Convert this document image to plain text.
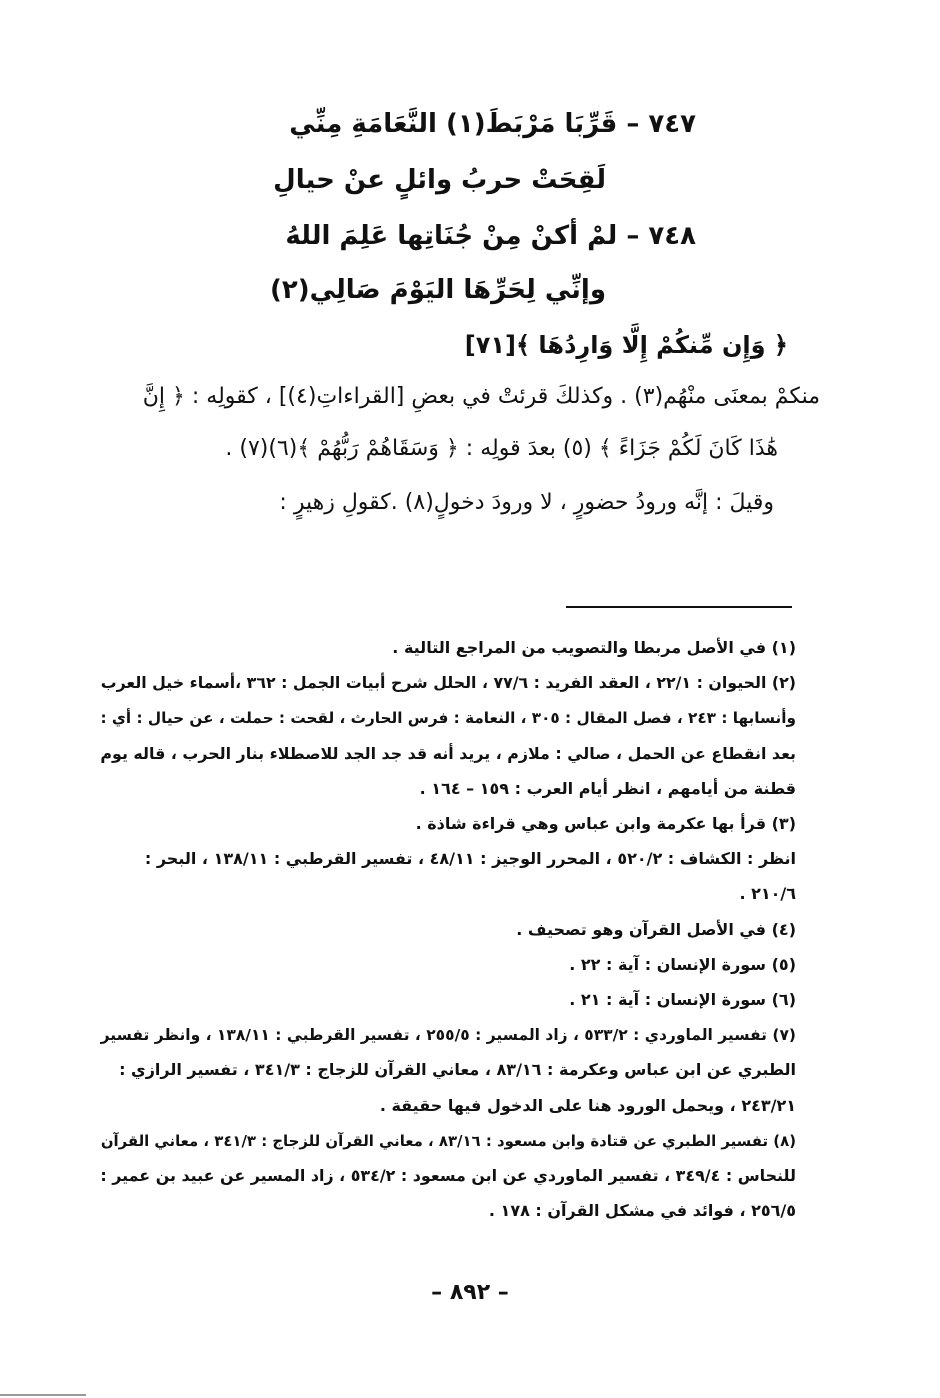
٧٤٧ – قَرِّبَا مَرْبَطَ(١) النَّعَامَةِ مِنِّي
لَقِحَتْ حربُ وائلٍ عنْ حيالِ
٧٤٨ – لمْ أكنْ مِنْ جُنَاتِها عَلِمَ اللهُ
وإنِّي لِحَرِّهَا اليَوْمَ صَالِي(٢)
﴿ وَإِن مِّنكُمْ إِلَّا وَارِدُهَا ﴾[٧١]
منكمْ بمعنَى منْهُم(٣) . وكذلكَ قرئتْ في بعضِ [القراءاتِ(٤)] ، كقولِه : ﴿ إِنَّ
هَٰذَا كَانَ لَكُمْ جَزَاءً ﴾ (٥) بعدَ قولِه : ﴿ وَسَقَاهُمْ رَبُّهُمْ ﴾(٦)(٧) .
وقيلَ : إنَّه ورودُ حضورٍ ، لا ورودَ دخولٍ(٨) .كقولِ زهيرٍ :
(١) في الأصل مربطا والتصويب من المراجع التالية .
(٢) الحيوان : ٢٢/١ ، العقد الفريد : ٧٧/٦ ، الحلل شرح أبيات الجمل : ٣٦٢ ،أسماء خيل العرب
وأنسابها : ٢٤٣ ، فصل المقال : ٣٠٥ ، النعامة : فرس الحارث ، لقحت : حملت ، عن حيال : أي :
بعد انقطاع عن الحمل ، صالي : ملازم ، يريد أنه قد جد الجد للاصطلاء بنار الحرب ، قاله يوم
قطنة من أيامهم ، انظر أيام العرب : ١٥٩ – ١٦٤ .
(٣) قرأ بها عكرمة وابن عباس وهي قراءة شاذة .
انظر : الكشاف : ٥٢٠/٢ ، المحرر الوجيز : ٤٨/١١ ، تفسير القرطبي : ١٣٨/١١ ، البحر :
٢١٠/٦ .
(٤) في الأصل القرآن وهو تصحيف .
(٥) سورة الإنسان : آية : ٢٢ .
(٦) سورة الإنسان : آية : ٢١ .
(٧) تفسير الماوردي : ٥٣٣/٢ ، زاد المسير : ٢٥٥/٥ ، تفسير القرطبي : ١٣٨/١١ ، وانظر تفسير
الطبري عن ابن عباس وعكرمة : ٨٣/١٦ ، معاني القرآن للزجاج : ٣٤١/٣ ، تفسير الرازي :
٢٤٣/٢١ ، ويحمل الورود هنا على الدخول فيها حقيقة .
(٨) تفسير الطبري عن قتادة وابن مسعود : ٨٣/١٦ ، معاني القرآن للزجاج : ٣٤١/٣ ، معاني القرآن
للنحاس : ٣٤٩/٤ ، تفسير الماوردي عن ابن مسعود : ٥٣٤/٢ ، زاد المسير عن عبيد بن عمير :
٢٥٦/٥ ، فوائد في مشكل القرآن : ١٧٨ .
– ٨٩٢ –
